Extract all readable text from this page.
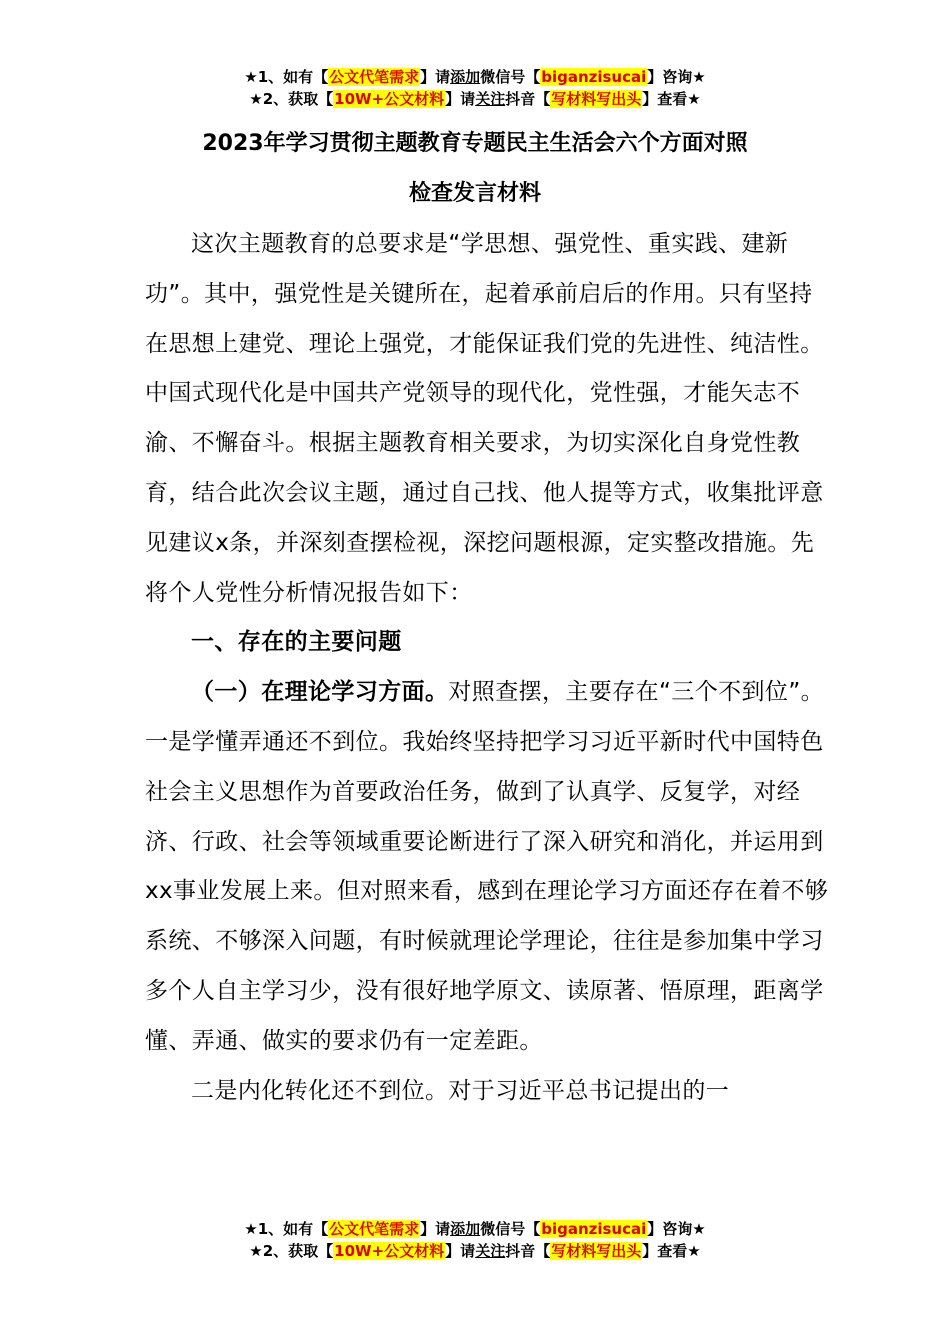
★1、如有【公文代笔需求】请添加微信号【biganzisucai】咨询★
★2、获取【10W+公文材料】请关注抖音【写材料写出头】查看★
2023年学习贯彻主题教育专题民主生活会六个方面对照
检查发言材料

这次主题教育的总要求是“学思想、强党性、重实践、建新功”。其中，强党性是关键所在，起着承前启后的作用。只有坚持在思想上建党、理论上强党，才能保证我们党的先进性、纯洁性。中国式现代化是中国共产党领导的现代化，党性强，才能矢志不渝、不懈奋斗。根据主题教育相关要求，为切实深化自身党性教育，结合此次会议主题，通过自己找、他人提等方式，收集批评意见建议x条，并深刻查摆检视，深挖问题根源，定实整改措施。先将个人党性分析情况报告如下：

一、存在的主要问题

（一）在理论学习方面。对照查摆，主要存在“三个不到位”。一是学懂弄通还不到位。我始终坚持把学习习近平新时代中国特色社会主义思想作为首要政治任务，做到了认真学、反复学，对经济、行政、社会等领域重要论断进行了深入研究和消化，并运用到xx事业发展上来。但对照来看，感到在理论学习方面还存在着不够系统、不够深入问题，有时候就理论学理论，往往是参加集中学习多个人自主学习少，没有很好地学原文、读原著、悟原理，距离学懂、弄通、做实的要求仍有一定差距。

二是内化转化还不到位。对于习近平总书记提出的一

★1、如有【公文代笔需求】请添加微信号【biganzisucai】咨询★
★2、获取【10W+公文材料】请关注抖音【写材料写出头】查看★
